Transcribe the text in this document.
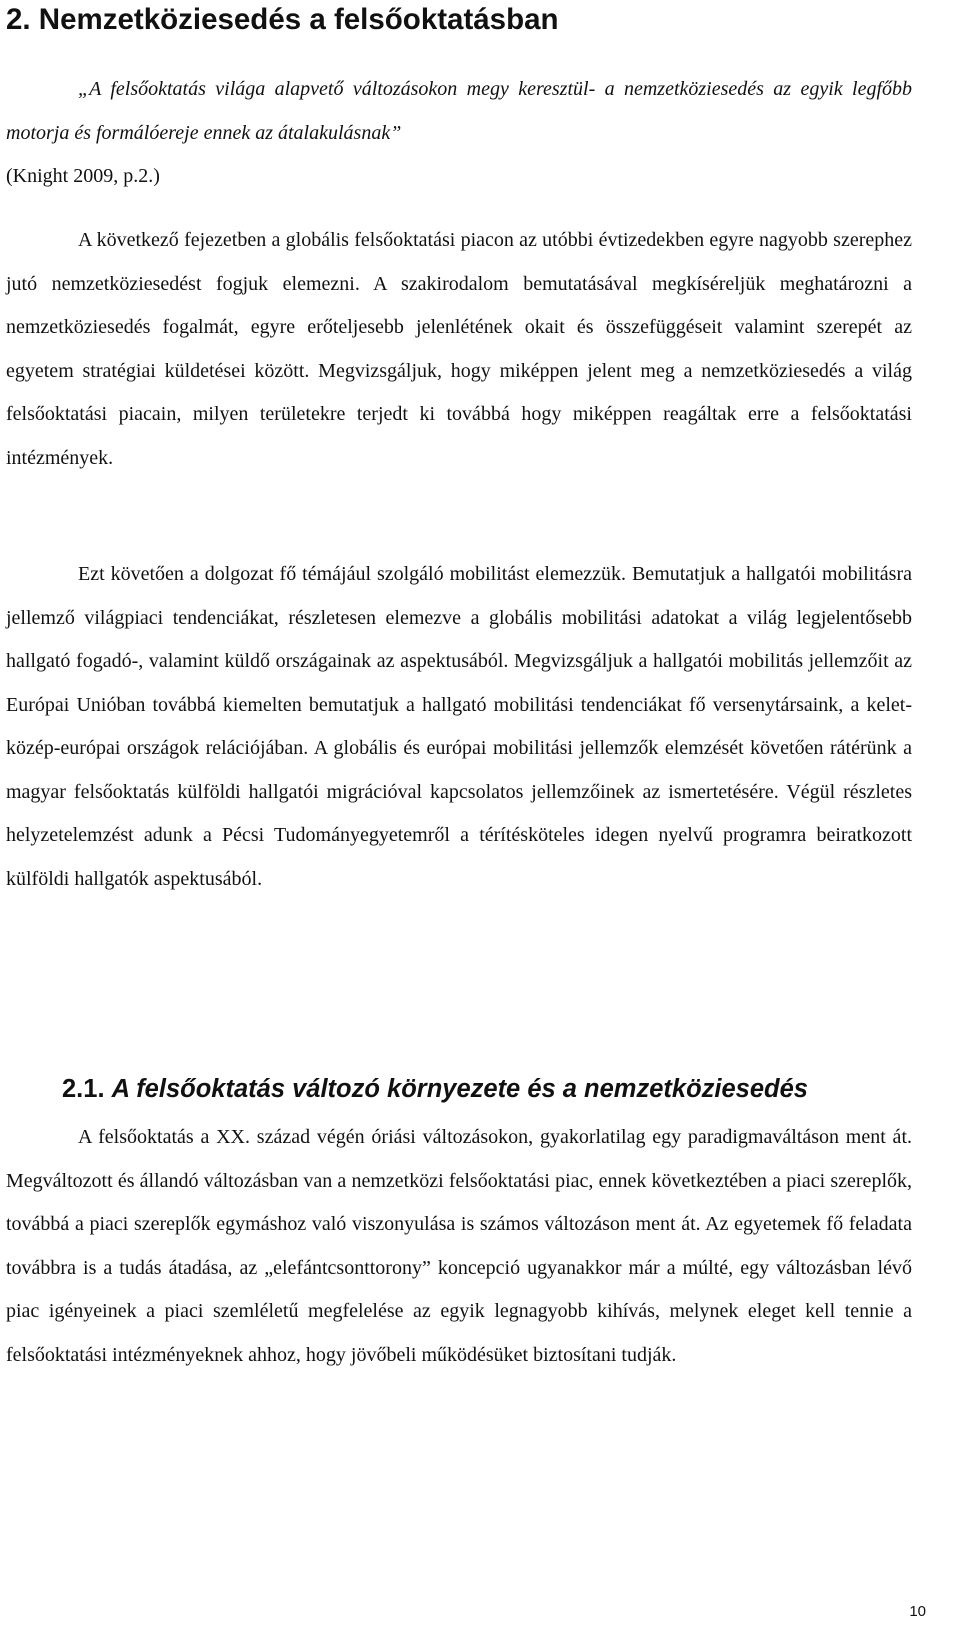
2. Nemzetköziesedés a felsőoktatásban

„A felsőoktatás világa alapvető változásokon megy keresztül- a nemzetköziesedés az egyik legfőbb motorja és formálóereje ennek az átalakulásnak”

(Knight 2009, p.2.)

A következő fejezetben a globális felsőoktatási piacon az utóbbi évtizedekben egyre nagyobb szerephez jutó nemzetköziesedést fogjuk elemezni. A szakirodalom bemutatásával megkíséreljük meghatározni a nemzetköziesedés fogalmát, egyre erőteljesebb jelenlétének okait és összefüggéseit valamint szerepét az egyetem stratégiai küldetései között. Megvizsgáljuk, hogy miképpen jelent meg a nemzetköziesedés a világ felsőoktatási piacain, milyen területekre terjedt ki továbbá hogy miképpen reagáltak erre a felsőoktatási intézmények.

Ezt követően a dolgozat fő témájául szolgáló mobilitást elemezzük. Bemutatjuk a hallgatói mobilitásra jellemző világpiaci tendenciákat, részletesen elemezve a globális mobilitási adatokat a világ legjelentősebb hallgató fogadó-, valamint küldő országainak az aspektusából. Megvizsgáljuk a hallgatói mobilitás jellemzőit az Európai Unióban továbbá kiemelten bemutatjuk a hallgató mobilitási tendenciákat fő versenytársaink, a kelet-közép-európai országok relációjában. A globális és európai mobilitási jellemzők elemzését követően rátérünk a magyar felsőoktatás külföldi hallgatói migrációval kapcsolatos jellemzőinek az ismertetésére. Végül részletes helyzetelemzést adunk a Pécsi Tudományegyetemről a térítésköteles idegen nyelvű programra beiratkozott külföldi hallgatók aspektusából.

2.1. A felsőoktatás változó környezete és a nemzetköziesedés

A felsőoktatás a XX. század végén óriási változásokon, gyakorlatilag egy paradigmaváltáson ment át. Megváltozott és állandó változásban van a nemzetközi felsőoktatási piac, ennek következtében a piaci szereplők, továbbá a piaci szereplők egymáshoz való viszonyulása is számos változáson ment át. Az egyetemek fő feladata továbbra is a tudás átadása, az „elefántcsonttorony” koncepció ugyanakkor már a múlté, egy változásban lévő piac igényeinek a piaci szemléletű megfelelése az egyik legnagyobb kihívás, melynek eleget kell tennie a felsőoktatási intézményeknek ahhoz, hogy jövőbeli működésüket biztosítani tudják.

10
